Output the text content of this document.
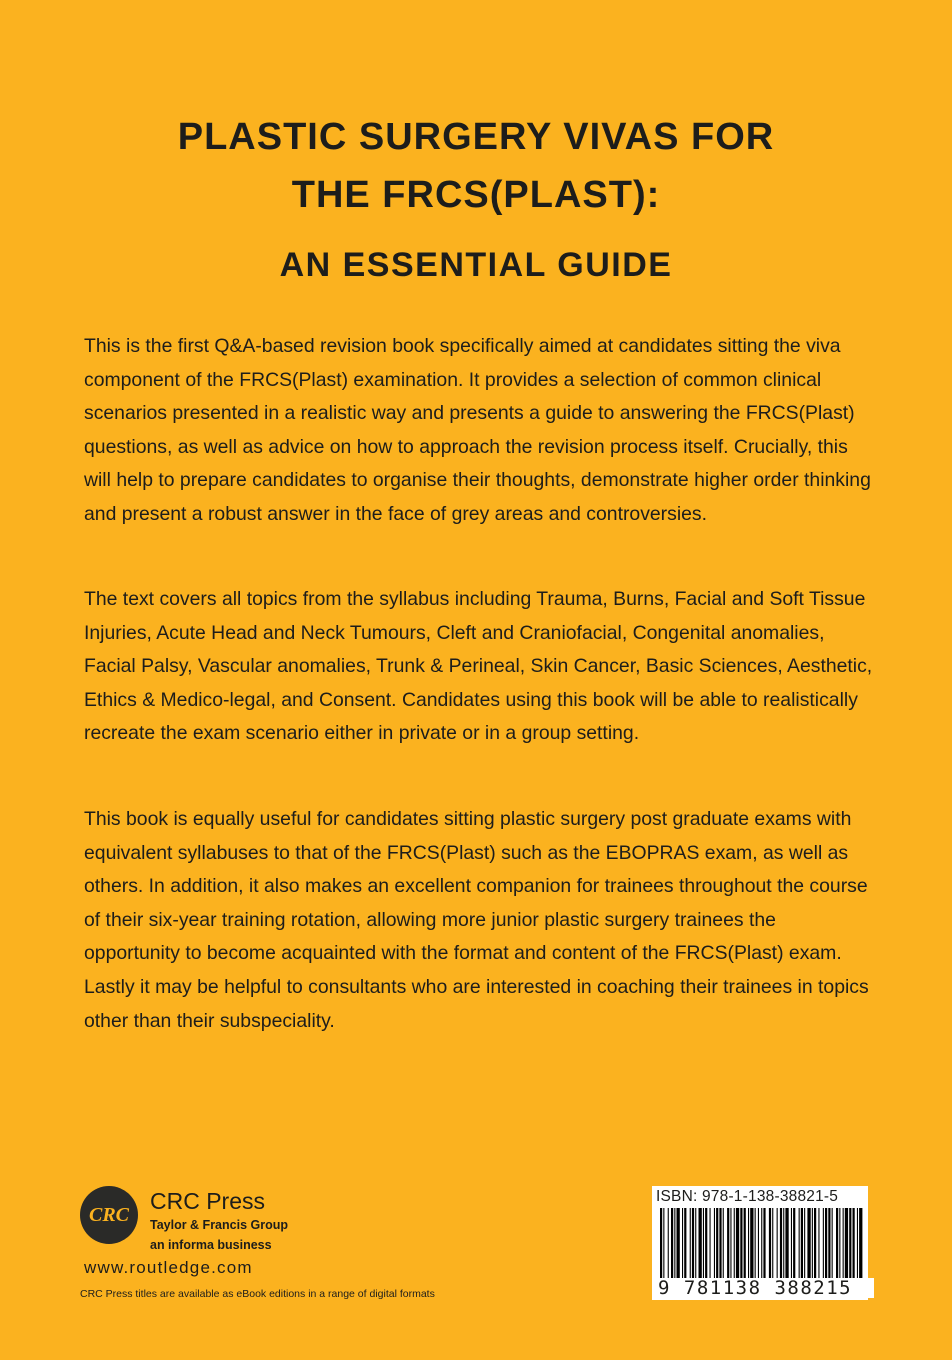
PLASTIC SURGERY VIVAS FOR
THE FRCS(PLAST):
AN ESSENTIAL GUIDE

This is the first Q&A-based revision book specifically aimed at candidates sitting the viva component of the FRCS(Plast) examination. It provides a selection of common clinical scenarios presented in a realistic way and presents a guide to answering the FRCS(Plast) questions, as well as advice on how to approach the revision process itself. Crucially, this will help to prepare candidates to organise their thoughts, demonstrate higher order thinking and present a robust answer in the face of grey areas and controversies.

The text covers all topics from the syllabus including Trauma, Burns, Facial and Soft Tissue Injuries, Acute Head and Neck Tumours, Cleft and Craniofacial, Congenital anomalies, Facial Palsy, Vascular anomalies, Trunk & Perineal, Skin Cancer, Basic Sciences, Aesthetic, Ethics & Medico-legal, and Consent. Candidates using this book will be able to realistically recreate the exam scenario either in private or in a group setting.

This book is equally useful for candidates sitting plastic surgery post graduate exams with equivalent syllabuses to that of the FRCS(Plast) such as the EBOPRAS exam, as well as others. In addition, it also makes an excellent companion for trainees throughout the course of their six-year training rotation, allowing more junior plastic surgery trainees the opportunity to become acquainted with the format and content of the FRCS(Plast) exam. Lastly it may be helpful to consultants who are interested in coaching their trainees in topics other than their subspeciality.

CRC
CRC Press
Taylor & Francis Group
an informa business
www.routledge.com
CRC Press titles are available as eBook editions in a range of digital formats
ISBN: 978-1-138-38821-5
9 781138 388215
